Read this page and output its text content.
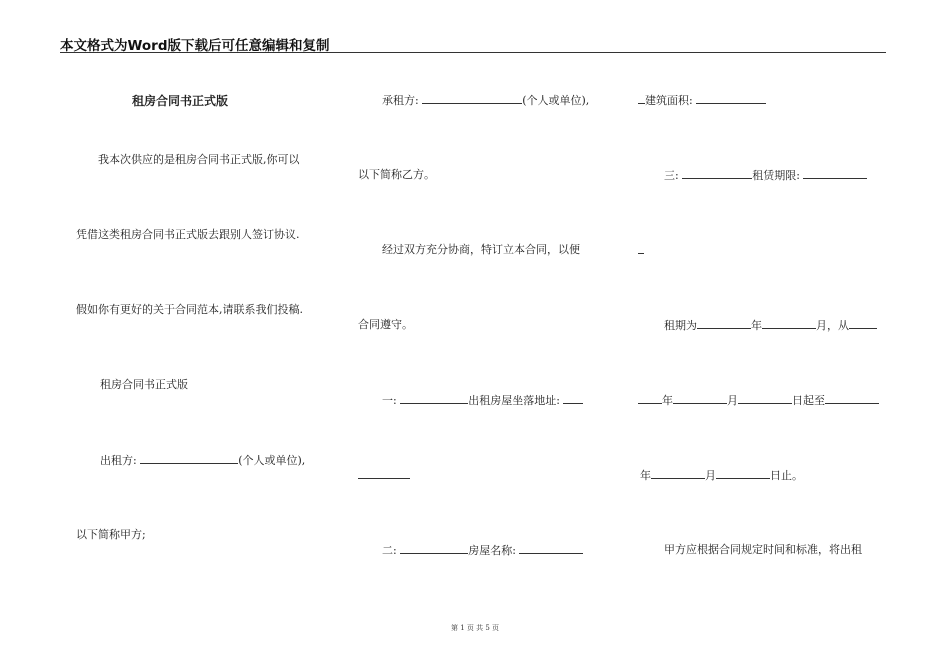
本文格式为Word版下载后可任意编辑和复制
租房合同书正式版
我本次供应的是租房合同书正式版,你可以
凭借这类租房合同书正式版去跟别人签订协议.
假如你有更好的关于合同范本,请联系我们投稿.
租房合同书正式版
出租方:	(个人或单位),
以下简称甲方;
承租方:	(个人或单位),
以下简称乙方。
经过双方充分协商，特订立本合同，以便
合同遵守。
一:	出租房屋坐落地址:
二:	房屋名称:
建筑面积:
三:	租赁期限:
租期为	年	月，从
年	月	日起至
年	月	日止。
甲方应根据合同规定时间和标准，将出租
第 1 页 共 5 页
